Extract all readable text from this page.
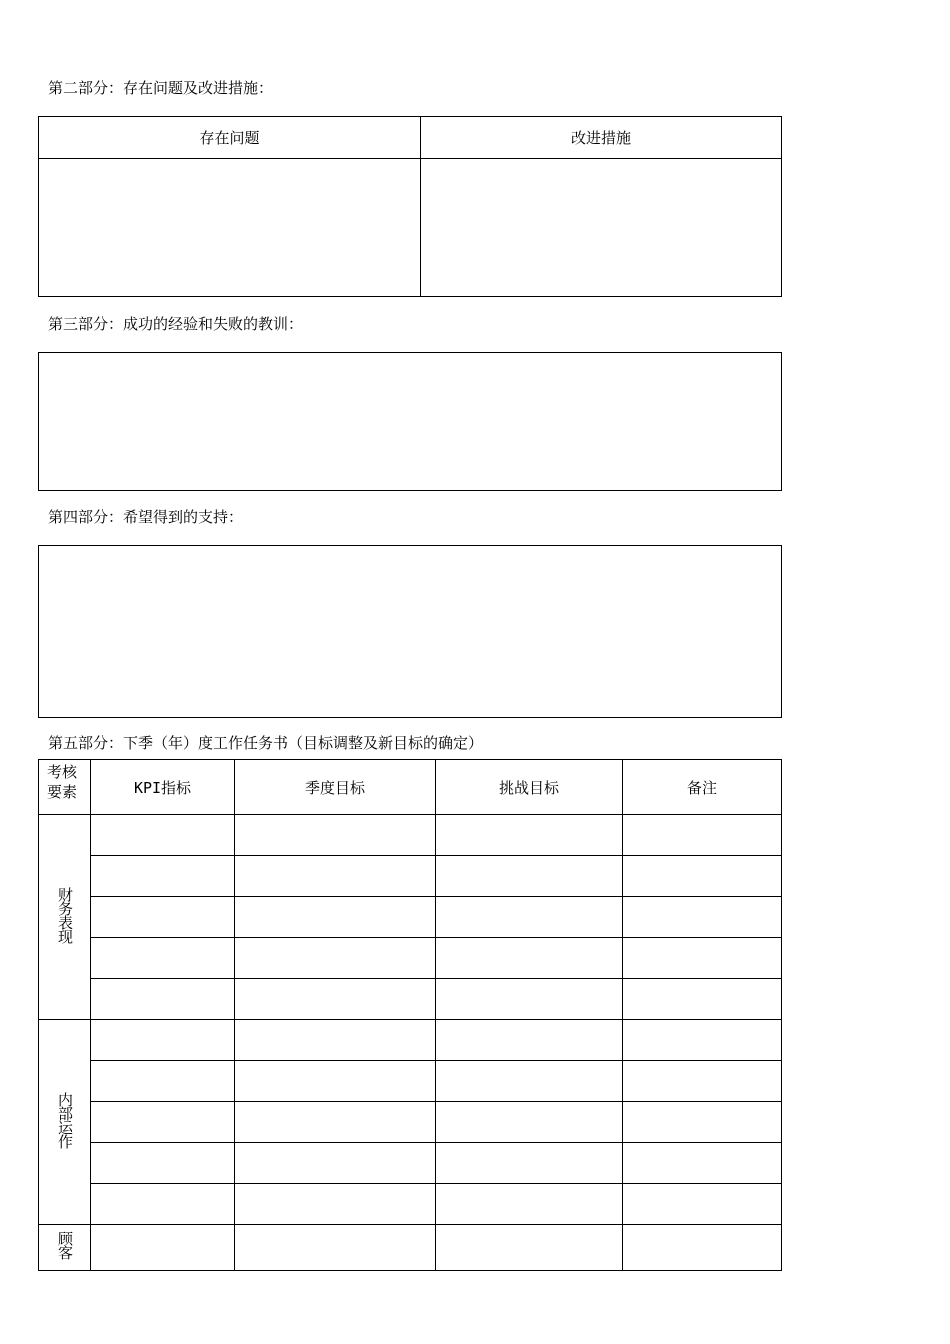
第二部分：存在问题及改进措施：
存在问题	改进措施

第三部分：成功的经验和失败的教训：
第四部分：希望得到的支持：
第五部分：下季（年）度工作任务书（目标调整及新目标的确定）
考核要素	KPI指标	季度目标	挑战目标	备注
财务表现				

内部运作				

顾客				
